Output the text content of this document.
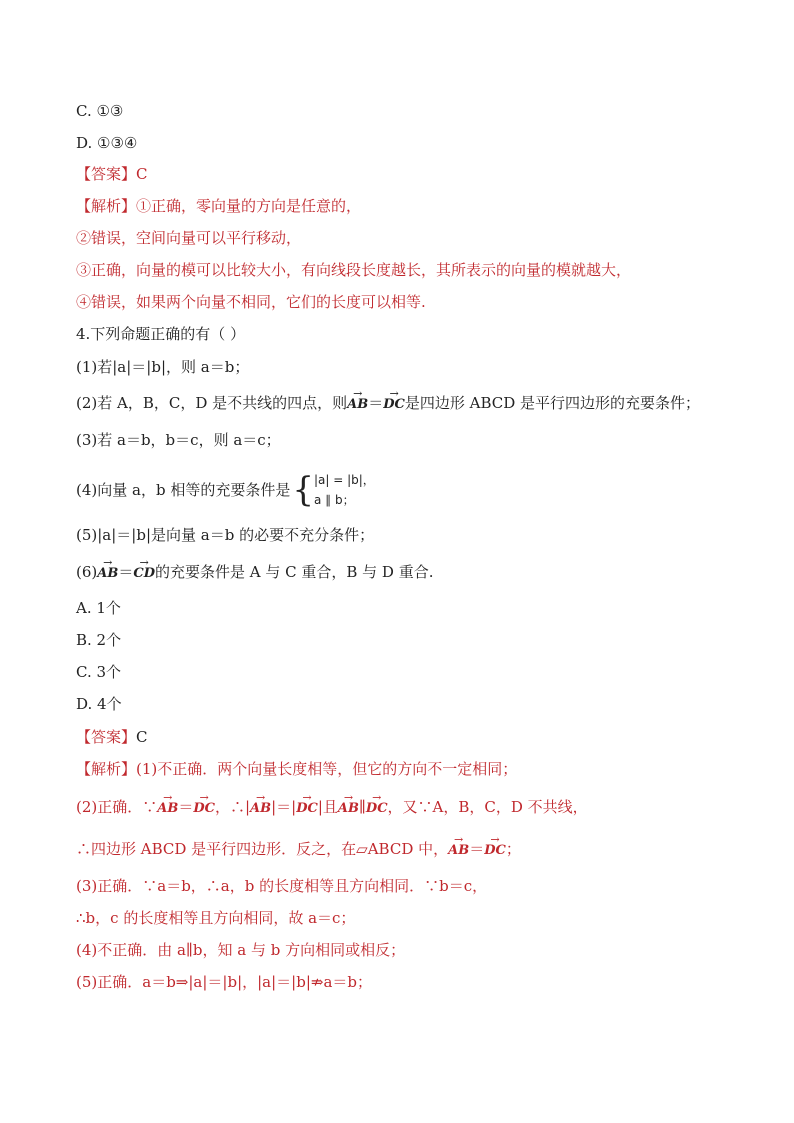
C. ①③
D. ①③④
【答案】C
【解析】①正确，零向量的方向是任意的，
②错误，空间向量可以平行移动，
③正确，向量的模可以比较大小，有向线段长度越长，其所表示的向量的模就越大，
④错误，如果两个向量不相同，它们的长度可以相等.
4.下列命题正确的有（ ）
(1)若|a|＝|b|，则 a＝b；
(2)若 A，B，C，D 是不共线的四点，则→ AB＝→ DC是四边形 ABCD 是平行四边形的充要条件；
(3)若 a＝b，b＝c，则 a＝c；
(4)向量 a，b 相等的充要条件是{ |a| = |b|，
a ∥ b；
(5)|a|＝|b|是向量 a＝b 的必要不充分条件；
(6)→ AB＝→ CD的充要条件是 A 与 C 重合，B 与 D 重合.
A. 1个
B. 2个
C. 3个
D. 4个
【答案】C
【解析】(1)不正确．两个向量长度相等，但它的方向不一定相同；
(2)正确．∵→ AB＝→ DC，∴|→ AB|＝|→ DC|且→ AB∥→ DC，又∵A，B，C，D 不共线，
∴四边形 ABCD 是平行四边形．反之，在▱ABCD 中，→ AB＝→ DC；
(3)正确．∵a＝b，∴a，b 的长度相等且方向相同．∵b＝c，
∴b，c 的长度相等且方向相同，故 a＝c；
(4)不正确．由 a∥b，知 a 与 b 方向相同或相反；
(5)正确．a＝b⇒|a|＝|b|，|a|＝|b|⇏a＝b；
